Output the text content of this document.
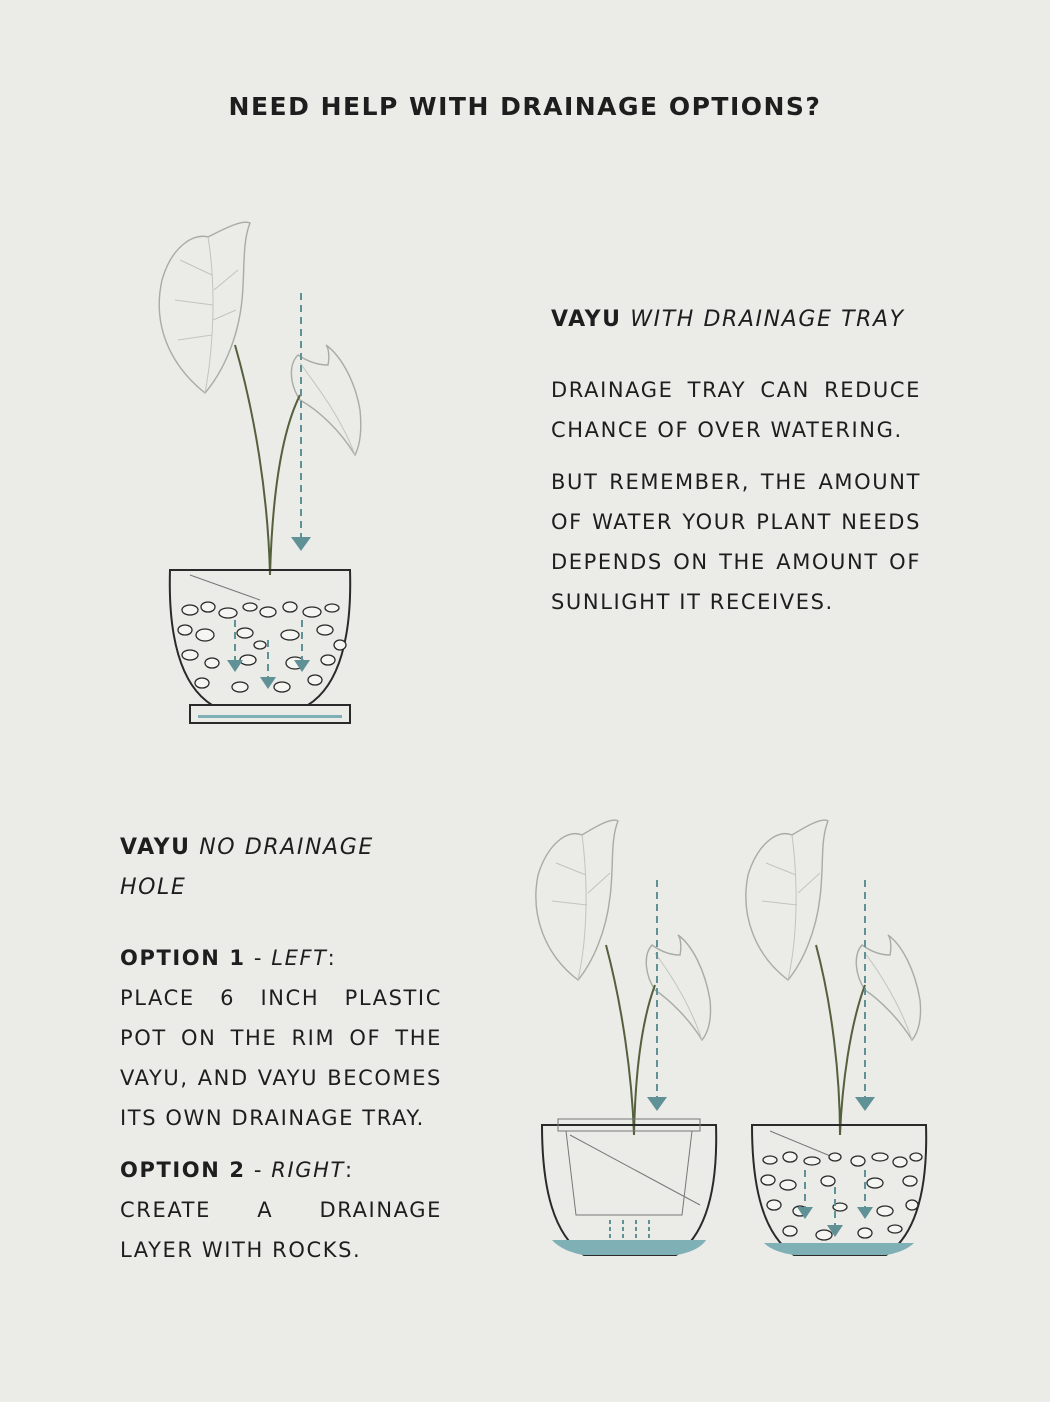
NEED HELP WITH DRAINAGE OPTIONS?

VAYU WITH DRAINAGE TRAY

DRAINAGE TRAY CAN REDUCE CHANCE OF OVER WATERING.

BUT REMEMBER, THE AMOUNT OF WATER YOUR PLANT NEEDS DEPENDS ON THE AMOUNT OF SUNLIGHT IT RECEIVES.

VAYU NO DRAINAGE HOLE

OPTION 1 - LEFT:

PLACE 6 INCH PLASTIC POT ON THE RIM OF THE VAYU, AND VAYU BECOMES ITS OWN DRAINAGE TRAY.

OPTION 2 - RIGHT:

CREATE A DRAINAGE LAYER WITH ROCKS.
